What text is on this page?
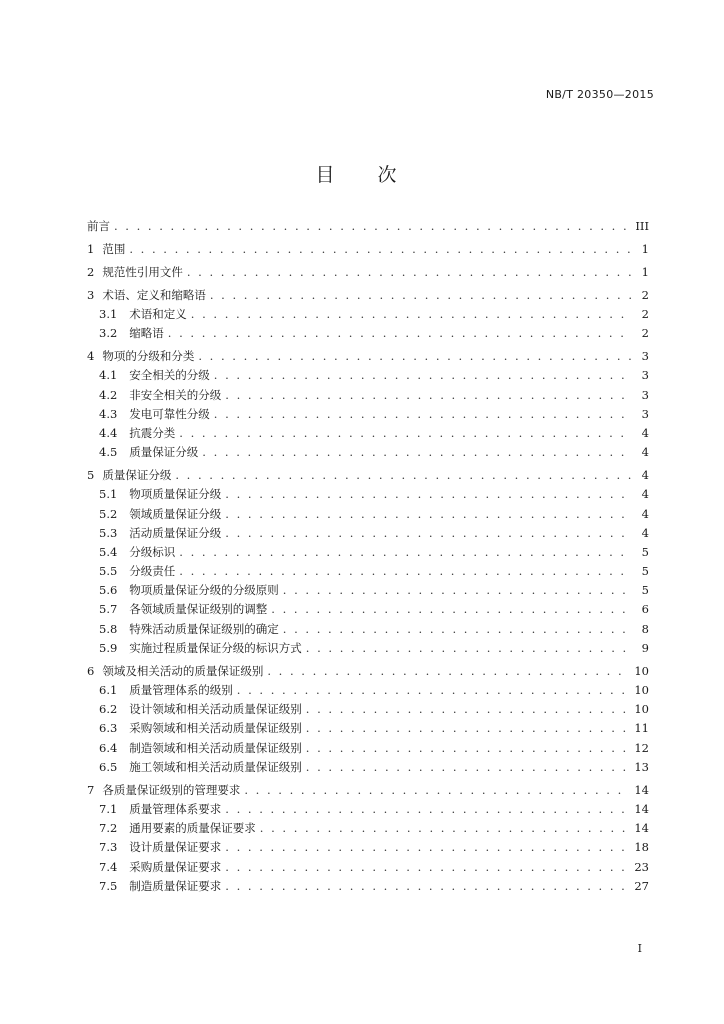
NB/T 20350—2015
目　次
前言 . . .	III
1 范围 . . .	1
2 规范性引用文件 . . .	1
3 术语、定义和缩略语 . . .	2
3.1	术语和定义 . . .	2
3.2	缩略语 . . .	2
4 物项的分级和分类 . . .	3
4.1	安全相关的分级 . . .	3
4.2	非安全相关的分级 . . .	3
4.3	发电可靠性分级 . . .	3
4.4	抗震分类 . . .	4
4.5	质量保证分级 . . .	4
5 质量保证分级 . . .	4
5.1	物项质量保证分级 . . .	4
5.2	领域质量保证分级 . . .	4
5.3	活动质量保证分级 . . .	4
5.4	分级标识 . . .	5
5.5	分级责任 . . .	5
5.6	物项质量保证分级的分级原则 . . .	5
5.7	各领域质量保证级别的调整 . . .	6
5.8	特殊活动质量保证级别的确定 . . .	8
5.9	实施过程质量保证分级的标识方式 . . .	9
6 领域及相关活动的质量保证级别 . . .	10
6.1	质量管理体系的级别 . . .	10
6.2	设计领域和相关活动质量保证级别 . . .	10
6.3	采购领域和相关活动质量保证级别 . . .	11
6.4	制造领域和相关活动质量保证级别 . . .	12
6.5	施工领域和相关活动质量保证级别 . . .	13
7 各质量保证级别的管理要求 . . .	14
7.1	质量管理体系要求 . . .	14
7.2	通用要素的质量保证要求 . . .	14
7.3	设计质量保证要求 . . .	18
7.4	采购质量保证要求 . . .	23
7.5	制造质量保证要求 . . .	27
I
